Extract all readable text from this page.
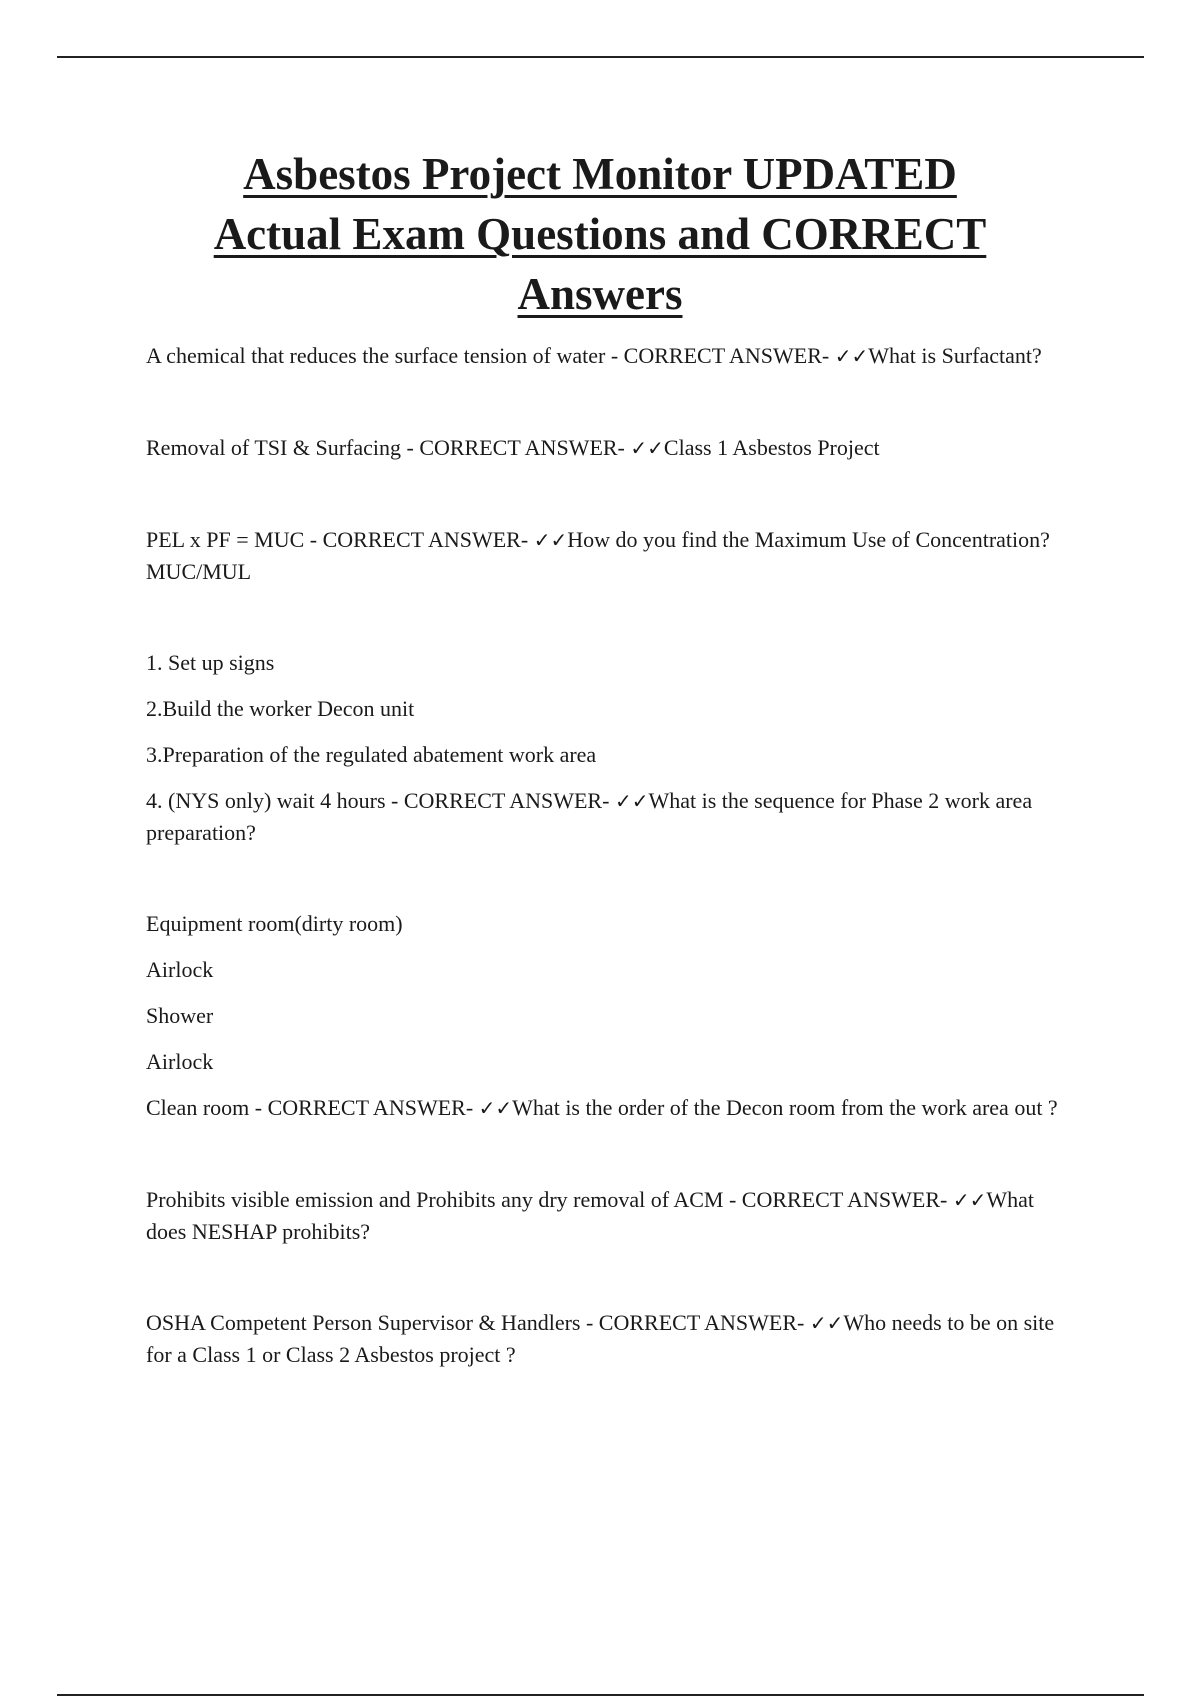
Asbestos Project Monitor UPDATED
Actual Exam Questions and CORRECT
Answers

A chemical that reduces the surface tension of water - CORRECT ANSWER- ✓✓What is Surfactant?

Removal of TSI & Surfacing - CORRECT ANSWER- ✓✓Class 1 Asbestos Project

PEL x PF = MUC - CORRECT ANSWER- ✓✓How do you find the Maximum Use of Concentration? MUC/MUL

1. Set up signs

2.Build the worker Decon unit

3.Preparation of the regulated abatement work area

4. (NYS only) wait 4 hours - CORRECT ANSWER- ✓✓What is the sequence for Phase 2 work area preparation?

Equipment room(dirty room)

Airlock

Shower

Airlock

Clean room - CORRECT ANSWER- ✓✓What is the order of the Decon room from the work area out ?

Prohibits visible emission and Prohibits any dry removal of ACM - CORRECT ANSWER- ✓✓What does NESHAP prohibits?

OSHA Competent Person Supervisor & Handlers - CORRECT ANSWER- ✓✓Who needs to be on site for a Class 1 or Class 2 Asbestos project ?
